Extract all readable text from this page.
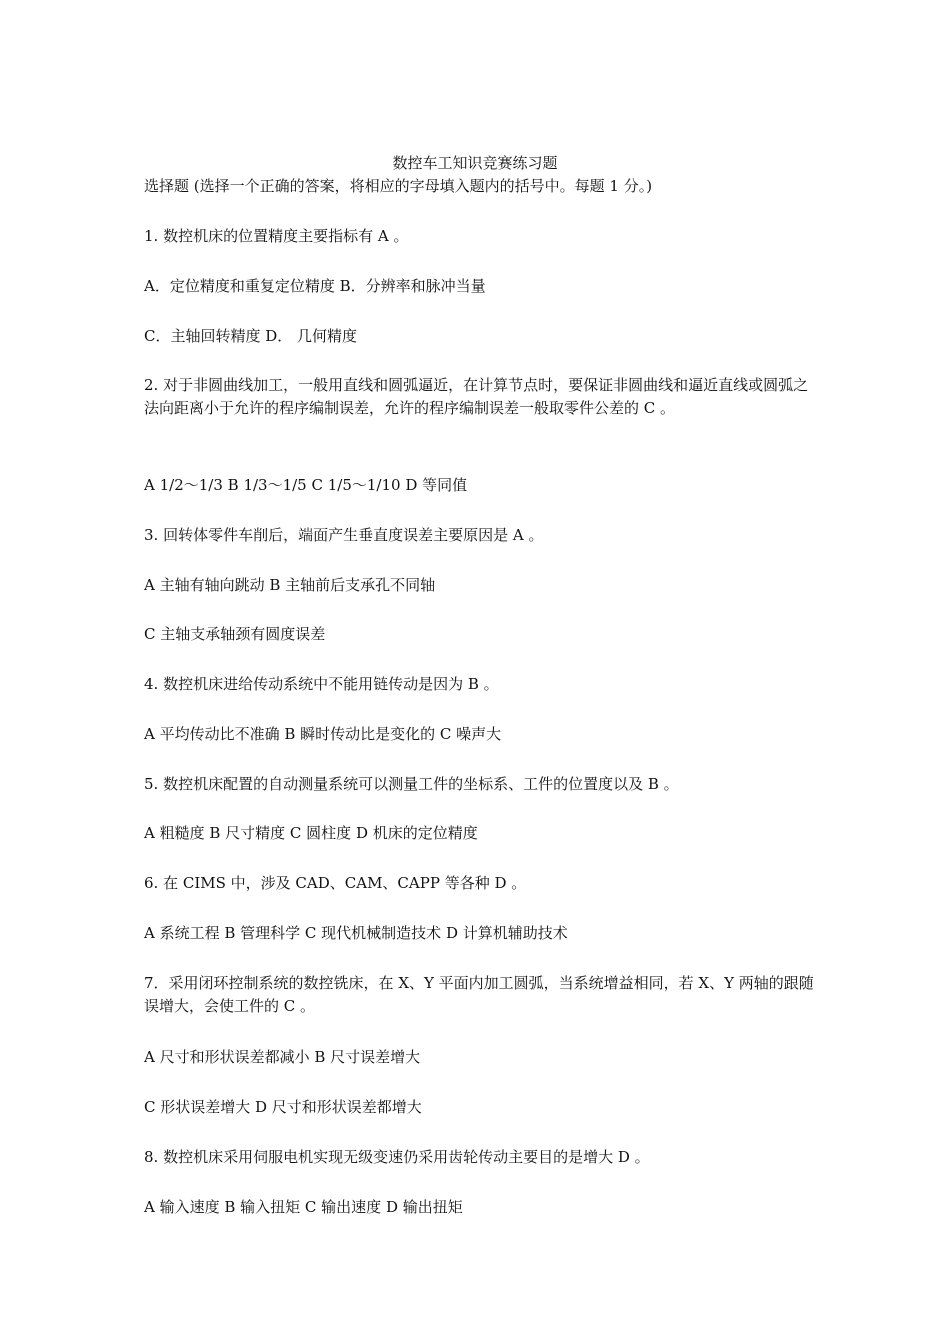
数控车工知识竞赛练习题
选择题 (选择一个正确的答案，将相应的字母填入题内的括号中。每题 1 分。)
1. 数控机床的位置精度主要指标有 A 。
A．定位精度和重复定位精度 B．分辨率和脉冲当量
C．主轴回转精度 D． 几何精度
2. 对于非圆曲线加工，一般用直线和圆弧逼近，在计算节点时，要保证非圆曲线和逼近直线或圆弧之法向距离小于允许的程序编制误差，允许的程序编制误差一般取零件公差的 C 。
A 1/2～1/3 B 1/3～1/5 C 1/5～1/10 D 等同值
3. 回转体零件车削后，端面产生垂直度误差主要原因是 A 。
A 主轴有轴向跳动 B 主轴前后支承孔不同轴
C 主轴支承轴颈有圆度误差
4. 数控机床进给传动系统中不能用链传动是因为 B 。
A 平均传动比不准确 B 瞬时传动比是变化的 C 噪声大
5. 数控机床配置的自动测量系统可以测量工件的坐标系、工件的位置度以及 B 。
A 粗糙度 B 尺寸精度 C 圆柱度 D 机床的定位精度
6. 在 CIMS 中，涉及 CAD、CAM、CAPP 等各种 D 。
A 系统工程 B 管理科学 C 现代机械制造技术 D 计算机辅助技术
7．采用闭环控制系统的数控铣床，在 X、Y 平面内加工圆弧，当系统增益相同，若 X、Y 两轴的跟随误增大，会使工件的 C 。
A 尺寸和形状误差都减小 B 尺寸误差增大
C 形状误差增大 D 尺寸和形状误差都增大
8. 数控机床采用伺服电机实现无级变速仍采用齿轮传动主要目的是增大 D 。
A 输入速度 B 输入扭矩 C 输出速度 D 输出扭矩
